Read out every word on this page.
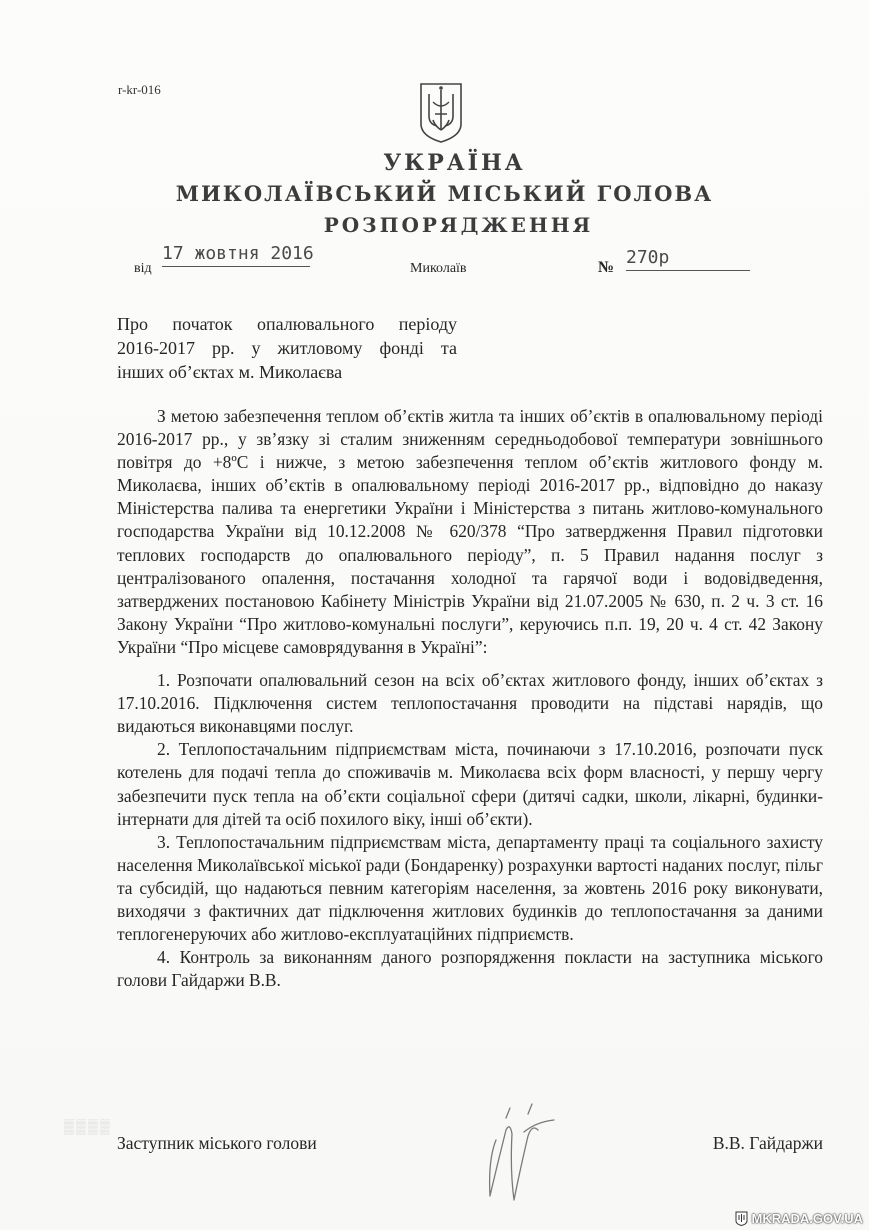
r-kr-016
УКРАЇНА
МИКОЛАЇВСЬКИЙ МІСЬКИЙ ГОЛОВА
РОЗПОРЯДЖЕННЯ
від
17 жовтня 2016
Миколаїв	№ 270р
Про початок опалювального періоду
2016-2017 рр. у житловому фонді та
інших об’єктах м. Миколаєва

З метою забезпечення теплом об’єктів житла та інших об’єктів в опалювальному періоді 2016-2017 рр., у зв’язку зі сталим зниженням середньодобової температури зовнішнього повітря до +8ºС і нижче, з метою забезпечення теплом об’єктів житлового фонду м. Миколаєва, інших об’єктів в опалювальному періоді 2016-2017 рр., відповідно до наказу Міністерства палива та енергетики України і Міністерства з питань житлово-комунального господарства України від 10.12.2008 № 620/378 “Про затвердження Правил підготовки теплових господарств до опалювального періоду”, п. 5 Правил надання послуг з централізованого опалення, постачання холодної та гарячої води і водовідведення, затверджених постановою Кабінету Міністрів України від 21.07.2005 № 630, п. 2 ч. 3 ст. 16 Закону України “Про житлово-комунальні послуги”, керуючись п.п. 19, 20 ч. 4 ст. 42 Закону України “Про місцеве самоврядування в Україні”:

1. Розпочати опалювальний сезон на всіх об’єктах житлового фонду, інших об’єктах з 17.10.2016. Підключення систем теплопостачання проводити на підставі нарядів, що видаються виконавцями послуг.

2. Теплопостачальним підприємствам міста, починаючи з 17.10.2016, розпочати пуск котелень для подачі тепла до споживачів м. Миколаєва всіх форм власності, у першу чергу забезпечити пуск тепла на об’єкти соціальної сфери (дитячі садки, школи, лікарні, будинки-інтернати для дітей та осіб похилого віку, інші об’єкти).

3. Теплопостачальним підприємствам міста, департаменту праці та соціального захисту населення Миколаївської міської ради (Бондаренку) розрахунки вартості наданих послуг, пільг та субсидій, що надаються певним категоріям населення, за жовтень 2016 року виконувати, виходячи з фактичних дат підключення житлових будинків до теплопостачання за даними теплогенеруючих або житлово-експлуатаційних підприємств.

4. Контроль за виконанням даного розпорядження покласти на заступника міського голови Гайдаржи В.В.

▒▒▒▒
Заступник міського голови	В.В. Гайдаржи
MKRADA.GOV.UA
